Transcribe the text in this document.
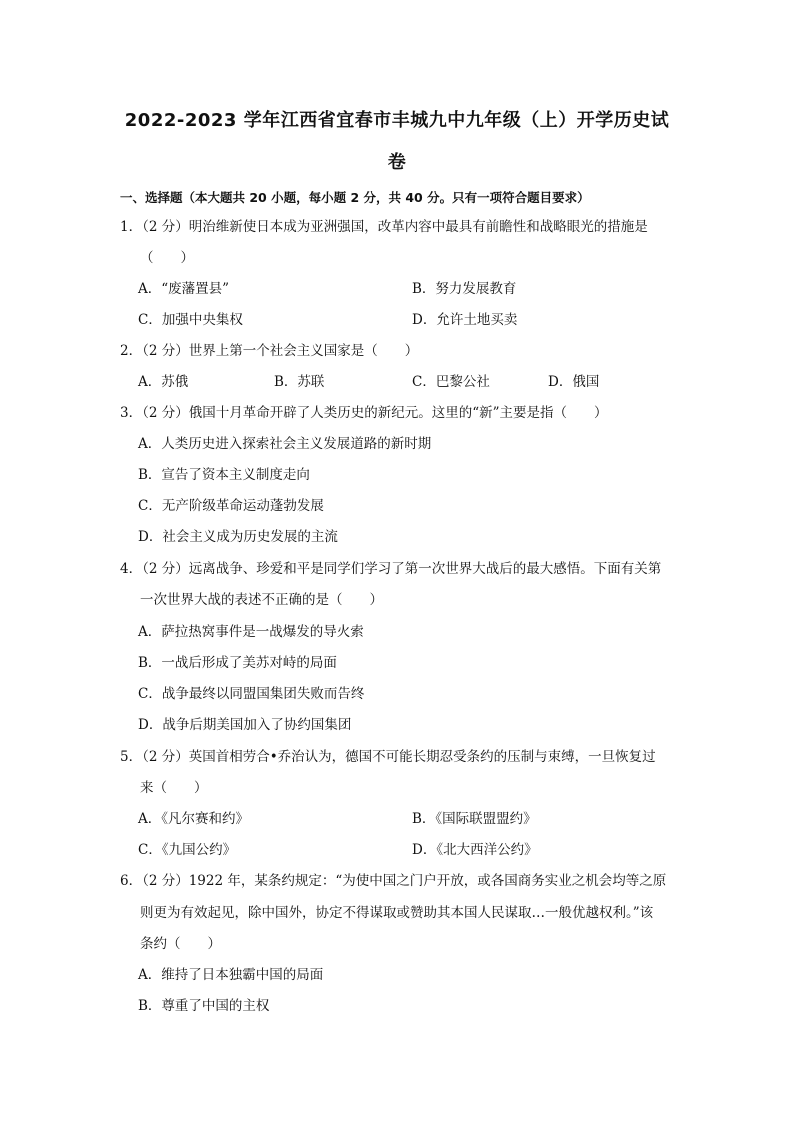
2022-2023 学年江西省宜春市丰城九中九年级（上）开学历史试
卷
一、选择题（本大题共 20 小题，每小题 2 分，共 40 分。只有一项符合题目要求）
1．（2 分）明治维新使日本成为亚洲强国，改革内容中最具有前瞻性和战略眼光的措施是
（　　）
A．“废藩置县”	B．努力发展教育
C．加强中央集权	D．允许土地买卖
2．（2 分）世界上第一个社会主义国家是（　　）
A．苏俄	B．苏联	C．巴黎公社	D．俄国
3．（2 分）俄国十月革命开辟了人类历史的新纪元。这里的“新”主要是指（　　）
A．人类历史进入探索社会主义发展道路的新时期
B．宣告了资本主义制度走向
C．无产阶级革命运动蓬勃发展
D．社会主义成为历史发展的主流
4．（2 分）远离战争、珍爱和平是同学们学习了第一次世界大战后的最大感悟。下面有关第
一次世界大战的表述不正确的是（　　）
A．萨拉热窝事件是一战爆发的导火索
B．一战后形成了美苏对峙的局面
C．战争最终以同盟国集团失败而告终
D．战争后期美国加入了协约国集团
5．（2 分）英国首相劳合•乔治认为，德国不可能长期忍受条约的压制与束缚，一旦恢复过
来（　　）
A．《凡尔赛和约》	B．《国际联盟盟约》
C．《九国公约》	D．《北大西洋公约》
6．（2 分）1922 年，某条约规定：“为使中国之门户开放，或各国商务实业之机会均等之原
则更为有效起见，除中国外，协定不得谋取或赞助其本国人民谋取…一般优越权利。”该
条约（　　）
A．维持了日本独霸中国的局面
B．尊重了中国的主权
